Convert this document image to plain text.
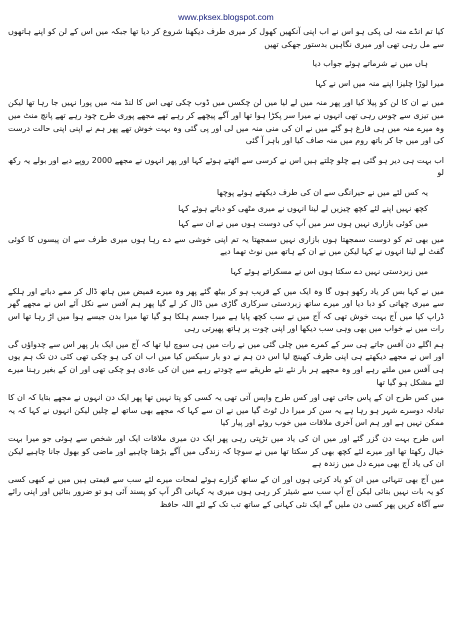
www.pksex.blogspot.com

کیا تم انڈے منہ لی پکی ہو اس نے اب اپنی آنکھیں کھول کر میری طرف دیکھنا شروع کر دیا تھا جبکہ میں اس کے لن کو اپنے ہاتھوں سے مل رہی تھی اور میری نگاہیں بدستور جھکی تھیں

ہاں میں نے شرماتے ہوئے جواب دیا

میرا لوڑا چلیزا اپنے منہ میں اس نے کہا

میں نے ان کا لن کو پیلا کیا اور پھر منہ میں لے لیا میں لن چکسں میں ڈوب چکی تھی اس کا لنڈ منہ میں پورا نہیں جا رہا تھا لیکن میں تیزی سے چوس رہی تھی انہوں نے میرا سر پکڑا ہوا تھا اور آگے پیچھے کر رہے تھے مجھے پوری طرح چود رہے تھے پانچ منٹ میں وہ میرے منہ میں ہی فارغ ہو گئے میں نے ان کی منی منہ میں لی اور پی گئی وہ بہت خوش تھے پھر ہم نے اپنی اپنی حالت درست کی اور میں جا کر باتھ روم میں منہ صاف کیا اور باہر آ گئی

اب بہت ہی دیر ہو گئی ہے چلو چلتے ہیں اس نے کرسی سے اٹھتے ہوئے کہا اور پھر انہوں نے مجھے 2000 روپے دیے اور بولے یہ رکھ لو

یہ کس لئے میں نے حیرانگی سے ان کی طرف دیکھتے ہوئے پوچھا

کچھ نہیں اپنے لئے کچھ چیزیں لے لینا انہوں نے میری مٹھی کو دباتے ہوئے کہا

میں کوئی بازاری نہیں ہوں سر میں آپ کی دوست ہوں میں نے ان سے کہا

میں بھی تم کو دوست سمجھتا ہوں بازاری نہیں سمجھتا یہ تم اپنی خوشی سے دے رہا ہوں میری طرف سے ان پیسوں کا کوئی گفٹ لے لینا انہوں نے کہا لیکن میں نے ان کے ہاتھ میں نوٹ تھما دیے

میں زبردستی نہیں دے سکتا ہوں اس نے مسکراتے ہوئے کہا

میں نے کہا بس کر یاد رکھو ہوں گا وہ ایک میں کے قریب ہو کر بیٹھ گئے پھر وہ میرے قمیض میں ہاتھ ڈال کر ممے دباتے اور ہلکے سے میری چھاتی کو دبا دیا اور میرے ساتھ زبردستی سرکاری گاڑی میں ڈال کر لے گیا پھر ہم آفس سے نکل آئے اس نے مجھے گھر ڈراپ کیا میں آج بہت خوش تھی کہ آج میں نے سب کچھ پایا ہے میرا جسم ہلکا ہو گیا تھا میرا بدن جیسے ہوا میں اڑ رہا تھا اس رات میں نے خواب میں بھی وہی سب دیکھا اور اپنی چوت پر ہاتھ پھیرتی رہی

ہم اگلے دن آفس جاتے ہی سر کے کمرے میں چلی گئی میں نے رات میں ہی سوچ لیا تھا کہ آج میں ایک بار پھر اس سے چدواؤں گی اور اس نے مجھے دیکھتے ہی اپنی طرف کھینچ لیا اس دن ہم نے دو بار سیکس کیا میں اب ان کی ہو چکی تھی کئی دن تک ہم یوں ہی آفس میں ملتے رہے اور وہ مجھے ہر بار نئے نئے طریقے سے چودتے رہے میں ان کی عادی ہو چکی تھی اور ان کے بغیر رہنا میرے لئے مشکل ہو گیا تھا

میں کس طرح ان کے پاس جاتی تھی اور کس طرح واپس آتی تھی یہ کسی کو پتا نہیں تھا پھر ایک دن انہوں نے مجھے بتایا کہ ان کا تبادلہ دوسرے شہر ہو رہا ہے یہ سن کر میرا دل ٹوٹ گیا میں نے ان سے کہا کہ مجھے بھی ساتھ لے چلیں لیکن انہوں نے کہا کہ یہ ممکن نہیں ہے اور ہم اس آخری ملاقات میں خوب روئے اور پیار کیا

اس طرح بہت دن گزر گئے اور میں ان کی یاد میں تڑپتی رہی پھر ایک دن میری ملاقات ایک اور شخص سے ہوئی جو میرا بہت خیال رکھتا تھا اور میرے لئے کچھ بھی کر سکتا تھا میں نے سوچا کہ زندگی میں آگے بڑھنا چاہیے اور ماضی کو بھول جانا چاہیے لیکن ان کی یاد آج بھی میرے دل میں زندہ ہے

میں آج بھی تنہائی میں ان کو یاد کرتی ہوں اور ان کے ساتھ گزارے ہوئے لمحات میرے لئے سب سے قیمتی ہیں میں نے کبھی کسی کو یہ بات نہیں بتائی لیکن آج آپ سب سے شیئر کر رہی ہوں میری یہ کہانی اگر آپ کو پسند آئی ہو تو ضرور بتائیں اور اپنی رائے سے آگاہ کریں پھر کسی دن ملیں گے ایک نئی کہانی کے ساتھ تب تک کے لئے اللہ حافظ
